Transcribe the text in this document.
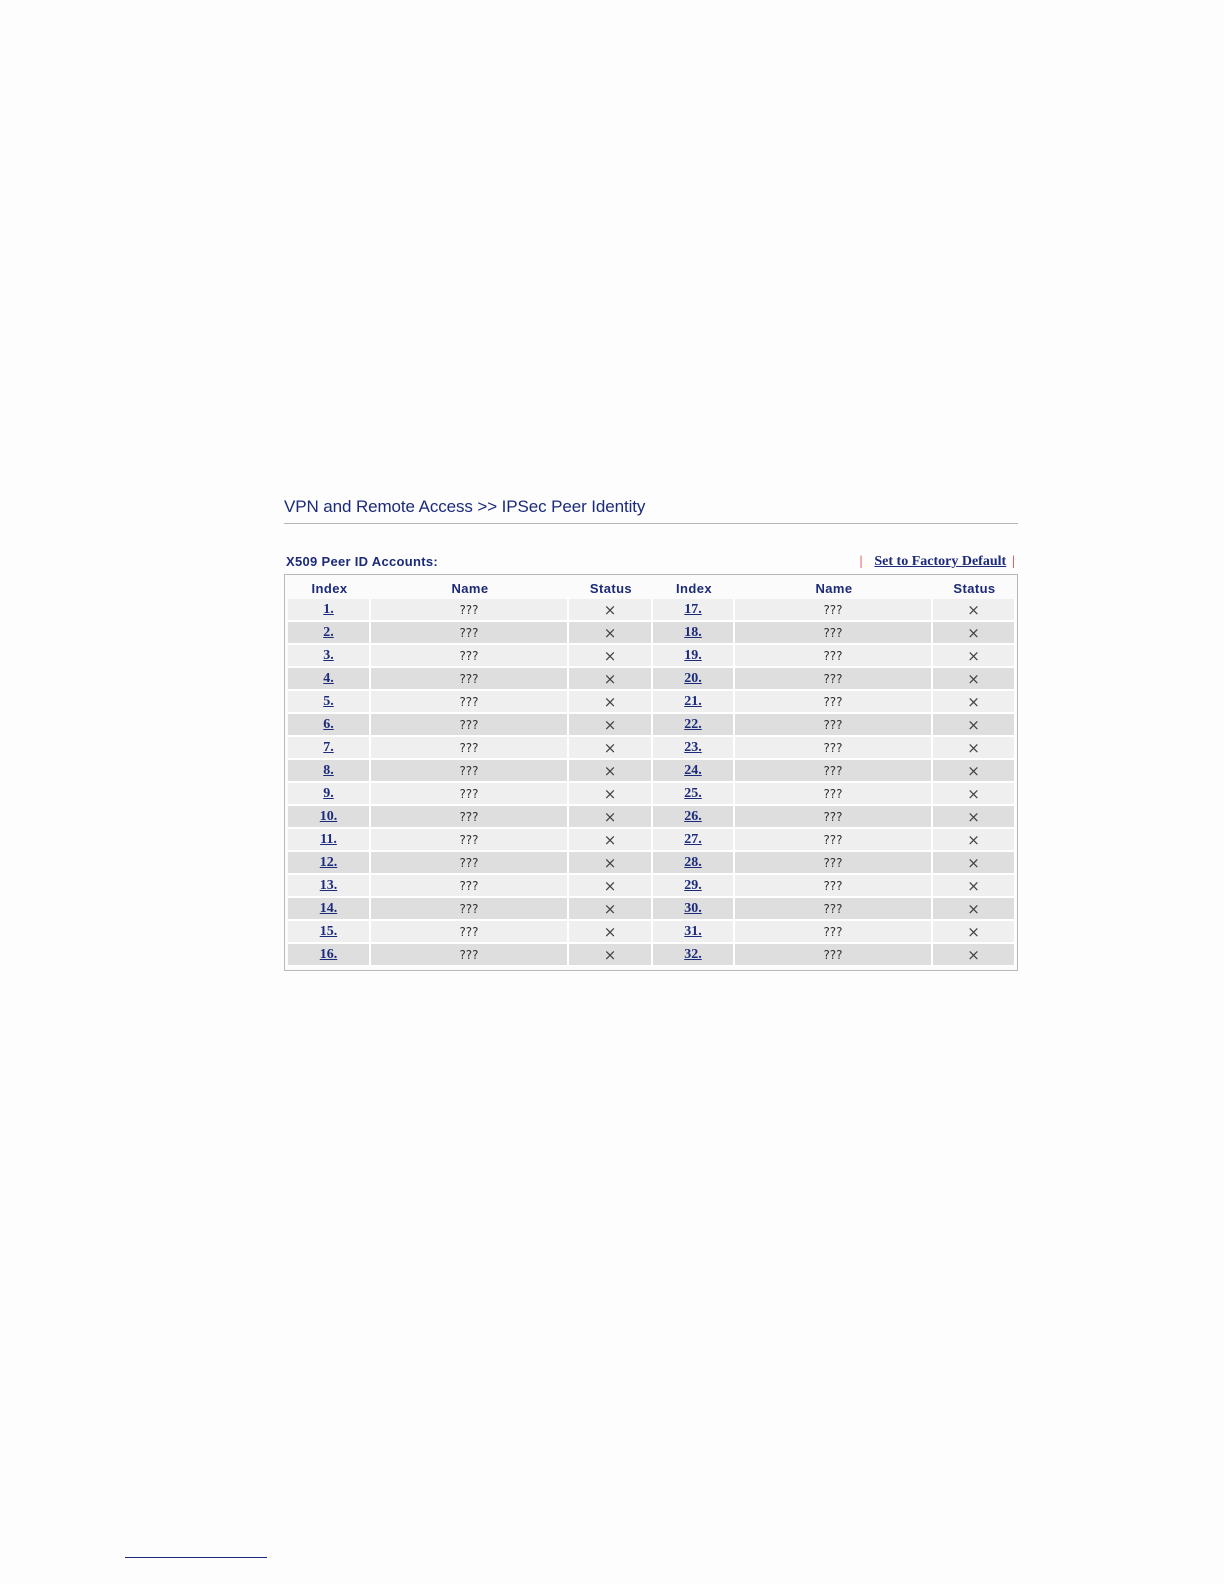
VPN and Remote Access >> IPSec Peer Identity
X509 Peer ID Accounts:	| Set to Factory Default |
Index	Name	Status	Index	Name	Status
1.	???	×	17.	???	×
2.	???	×	18.	???	×
3.	???	×	19.	???	×
4.	???	×	20.	???	×
5.	???	×	21.	???	×
6.	???	×	22.	???	×
7.	???	×	23.	???	×
8.	???	×	24.	???	×
9.	???	×	25.	???	×
10.	???	×	26.	???	×
11.	???	×	27.	???	×
12.	???	×	28.	???	×
13.	???	×	29.	???	×
14.	???	×	30.	???	×
15.	???	×	31.	???	×
16.	???	×	32.	???	×
